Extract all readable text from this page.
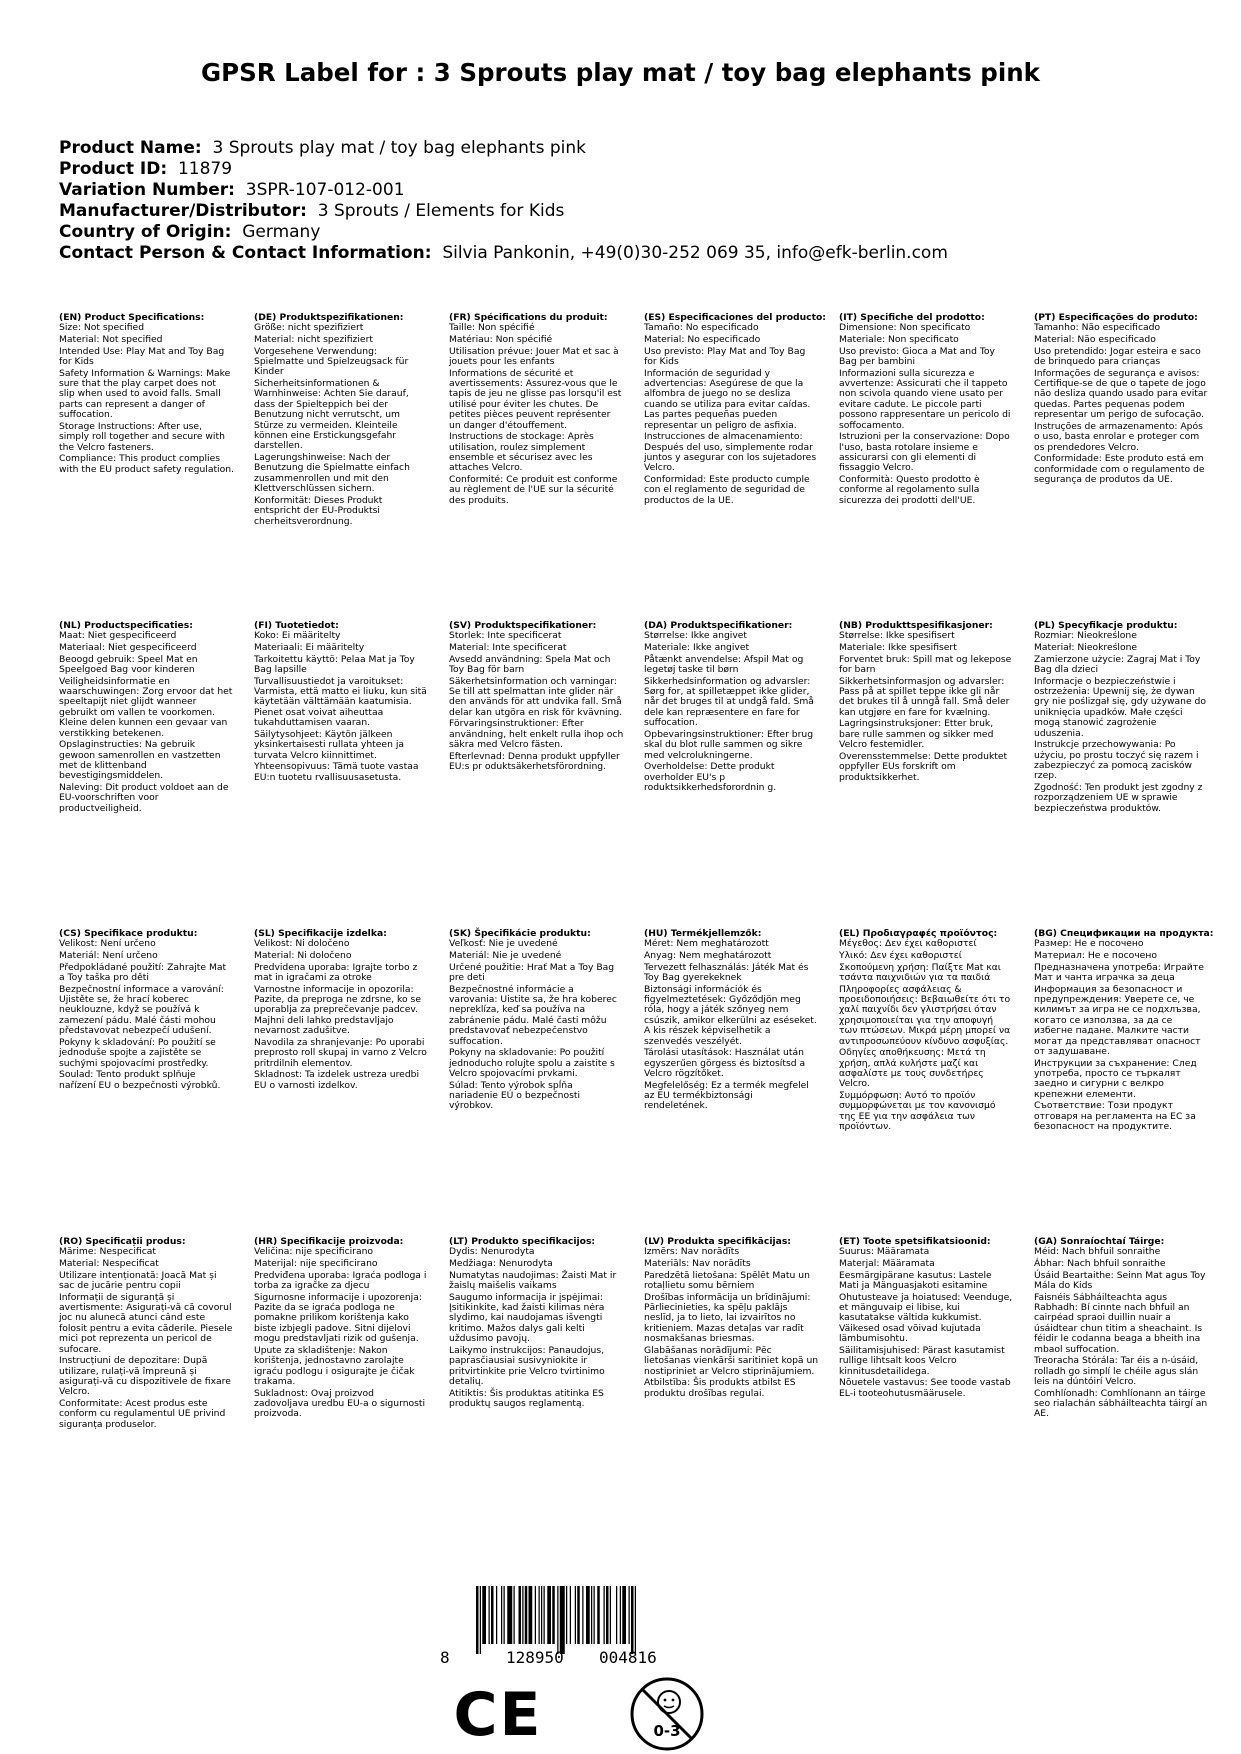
GPSR Label for : 3 Sprouts play mat / toy bag elephants pink
Product Name: 3 Sprouts play mat / toy bag elephants pink
Product ID: 11879
Variation Number: 3SPR-107-012-001
Manufacturer/Distributor: 3 Sprouts / Elements for Kids
Country of Origin: Germany
Contact Person & Contact Information: Silvia Pankonin, +49(0)30-252 069 35, info@efk-berlin.com
(EN) Product Specifications:
Size: Not specified
Material: Not specified
Intended Use: Play Mat and Toy Bag for Kids
Safety Information & Warnings: Make sure that the play carpet does not slip when used to avoid falls. Small parts can represent a danger of suffocation.
Storage Instructions: After use, simply roll together and secure with the Velcro fasteners.
Compliance: This product complies with the EU product safety regulation.
(DE) Produktspezifikationen:
Größe: nicht spezifiziert
Material: nicht spezifiziert
Vorgesehene Verwendung: Spielmatte und Spielzeugsack für Kinder
Sicherheitsinformationen & Warnhinweise: Achten Sie darauf, dass der Spielteppich bei der Benutzung nicht verrutscht, um Stürze zu vermeiden. Kleinteile können eine Erstickungsgefahr darstellen.
Lagerungshinweise: Nach der Benutzung die Spielmatte einfach zusammenrollen und mit den Klettverschlüssen sichern.
Konformität: Dieses Produkt entspricht der EU-Produktsi cherheitsverordnung.
(FR) Spécifications du produit:
Taille: Non spécifié
Matériau: Non spécifié
Utilisation prévue: Jouer Mat et sac à jouets pour les enfants
Informations de sécurité et avertissements: Assurez-vous que le tapis de jeu ne glisse pas lorsqu'il est utilisé pour éviter les chutes. De petites pièces peuvent représenter un danger d'étouffement.
Instructions de stockage: Après utilisation, roulez simplement ensemble et sécurisez avec les attaches Velcro.
Conformité: Ce produit est conforme au règlement de l'UE sur la sécurité des produits.
(ES) Especificaciones del producto:
Tamaño: No especificado
Material: No especificado
Uso previsto: Play Mat and Toy Bag for Kids
Información de seguridad y advertencias: Asegúrese de que la alfombra de juego no se desliza cuando se utiliza para evitar caídas. Las partes pequeñas pueden representar un peligro de asfixia.
Instrucciones de almacenamiento: Después del uso, simplemente rodar juntos y asegurar con los sujetadores Velcro.
Conformidad: Este producto cumple con el reglamento de seguridad de productos de la UE.
(IT) Specifiche del prodotto:
Dimensione: Non specificato
Materiale: Non specificato
Uso previsto: Gioca a Mat and Toy Bag per bambini
Informazioni sulla sicurezza e avvertenze: Assicurati che il tappeto non scivola quando viene usato per evitare cadute. Le piccole parti possono rappresentare un pericolo di soffocamento.
Istruzioni per la conservazione: Dopo l'uso, basta rotolare insieme e assicurarsi con gli elementi di fissaggio Velcro.
Conformità: Questo prodotto è conforme al regolamento sulla sicurezza dei prodotti dell'UE.
(PT) Especificações do produto:
Tamanho: Não especificado
Material: Não especificado
Uso pretendido: Jogar esteira e saco de brinquedo para crianças
Informações de segurança e avisos: Certifique-se de que o tapete de jogo não desliza quando usado para evitar quedas. Partes pequenas podem representar um perigo de sufocação.
Instruções de armazenamento: Após o uso, basta enrolar e proteger com os prendedores Velcro.
Conformidade: Este produto está em conformidade com o regulamento de segurança de produtos da UE.
(NL) Productspecificaties:
Maat: Niet gespecificeerd
Materiaal: Niet gespecificeerd
Beoogd gebruik: Speel Mat en Speelgoed Bag voor kinderen
Veiligheidsinformatie en waarschuwingen: Zorg ervoor dat het speeltapijt niet glijdt wanneer gebruikt om vallen te voorkomen. Kleine delen kunnen een gevaar van verstikking betekenen.
Opslaginstructies: Na gebruik gewoon samenrollen en vastzetten met de klittenband bevestigingsmiddelen.
Naleving: Dit product voldoet aan de EU-voorschriften voor productveiligheid.
(FI) Tuotetiedot:
Koko: Ei määritelty
Materiaali: Ei määritelty
Tarkoitettu käyttö: Pelaa Mat ja Toy Bag lapsille
Turvallisuustiedot ja varoitukset: Varmista, että matto ei liuku, kun sitä käytetään välttämään kaatumisia. Pienet osat voivat aiheuttaa tukahduttamisen vaaran.
Säilytysohjeet: Käytön jälkeen yksinkertaisesti rullata yhteen ja turvata Velcro kiinnittimet.
Yhteensopivuus: Tämä tuote vastaa EU:n tuotetu rvallisuusasetusta.
(SV) Produktspecifikationer:
Storlek: Inte specificerat
Material: Inte specificerat
Avsedd användning: Spela Mat och Toy Bag för barn
Säkerhetsinformation och varningar: Se till att spelmattan inte glider när den används för att undvika fall. Små delar kan utgöra en risk för kvävning.
Förvaringsinstruktioner: Efter användning, helt enkelt rulla ihop och säkra med Velcro fästen.
Efterlevnad: Denna produkt uppfyller EU:s pr oduktsäkerhetsförordning.
(DA) Produktspecifikationer:
Størrelse: Ikke angivet
Materiale: Ikke angivet
Påtænkt anvendelse: Afspil Mat og legetøj taske til børn
Sikkerhedsinformation og advarsler: Sørg for, at spilletæppet ikke glider, når det bruges til at undgå fald. Små dele kan repræsentere en fare for suffocation.
Opbevaringsinstruktioner: Efter brug skal du blot rulle sammen og sikre med velcrolukningerne.
Overholdelse: Dette produkt overholder EU's p roduktsikkerhedsforordnin g.
(NB) Produkttspesifikasjoner:
Størrelse: Ikke spesifisert
Materiale: Ikke spesifisert
Forventet bruk: Spill mat og lekepose for barn
Sikkerhetsinformasjon og advarsler: Pass på at spillet teppe ikke gli når det brukes til å unngå fall. Små deler kan utgjøre en fare for kvælning.
Lagringsinstruksjoner: Etter bruk, bare rulle sammen og sikker med Velcro festemidler.
Overensstemmelse: Dette produktet oppfyller EUs forskrift om produktsikkerhet.
(PL) Specyfikacje produktu:
Rozmiar: Nieokreślone
Materiał: Nieokreślone
Zamierzone użycie: Zagraj Mat i Toy Bag dla dzieci
Informacje o bezpieczeństwie i ostrzeżenia: Upewnij się, że dywan gry nie poślizgał się, gdy używane do uniknięcia upadków. Małe części mogą stanowić zagrożenie uduszenia.
Instrukcje przechowywania: Po użyciu, po prostu toczyć się razem i zabezpieczyć za pomocą zacisków rzep.
Zgodność: Ten produkt jest zgodny z rozporządzeniem UE w sprawie bezpieczeństwa produktów.
(CS) Specifikace produktu:
Velikost: Není určeno
Materiál: Není určeno
Předpokládané použití: Zahrajte Mat a Toy taška pro děti
Bezpečnostní informace a varování: Ujistěte se, že hrací koberec neuklouzne, když se používá k zamezení pádu. Malé části mohou představovat nebezpečí udušení.
Pokyny k skladování: Po použití se jednoduše spojte a zajistěte se suchými spojovacími prostředky.
Soulad: Tento produkt splňuje nařízení EU o bezpečnosti výrobků.
(SL) Specifikacije izdelka:
Velikost: Ni določeno
Material: Ni določeno
Predvidena uporaba: Igrajte torbo z mat in igračami za otroke
Varnostne informacije in opozorila: Pazite, da preproga ne zdrsne, ko se uporablja za preprečevanje padcev. Majhni deli lahko predstavljajo nevarnost zadušitve.
Navodila za shranjevanje: Po uporabi preprosto roll skupaj in varno z Velcro pritrdilnih elementov.
Skladnost: Ta izdelek ustreza uredbi EU o varnosti izdelkov.
(SK) Špecifikácie produktu:
Veľkosť: Nie je uvedené
Materiál: Nie je uvedené
Určené použitie: Hrať Mat a Toy Bag pre deti
Bezpečnostné informácie a varovania: Uistite sa, že hra koberec nepreklíza, keď sa používa na zabránenie pádu. Malé časti môžu predstavovať nebezpečenstvo suffocation.
Pokyny na skladovanie: Po použití jednoducho rolujte spolu a zaistite s Velcro spojovacími prvkami.
Súlad: Tento výrobok spĺňa nariadenie EÚ o bezpečnosti výrobkov.
(HU) Termékjellemzők:
Méret: Nem meghatározott
Anyag: Nem meghatározott
Tervezett felhasználás: Játék Mat és Toy Bag gyerekeknek
Biztonsági információk és figyelmeztetések: Győződjön meg róla, hogy a játék szőnyeg nem csúszik, amikor elkerülni az eséseket. A kis részek képviselhetik a szenvedés veszélyét.
Tárolási utasítások: Használat után egyszerűen görgess és biztosítsd a Velcro rögzítőket.
Megfelelőség: Ez a termék megfelel az EU termékbiztonsági rendeletének.
(EL) Προδιαγραφές προϊόντος:
Μέγεθος: Δεν έχει καθοριστεί
Υλικό: Δεν έχει καθοριστεί
Σκοπούμενη χρήση: Παίξτε Mat και τσάντα παιχνιδιών για τα παιδιά
Πληροφορίες ασφάλειας & προειδοποιήσεις: Βεβαιωθείτε ότι το χαλί παιχνίδι δεν γλιστρήσει όταν χρησιμοποιείται για την αποφυγή των πτώσεων. Μικρά μέρη μπορεί να αντιπροσωπεύουν κίνδυνο ασφυξίας.
Οδηγίες αποθήκευσης: Μετά τη χρήση, απλά κυλήστε μαζί και ασφαλίστε με τους συνδετήρες Velcro.
Συμμόρφωση: Αυτό το προϊόν συμμορφώνεται με τον κανονισμό της ΕΕ για την ασφάλεια των προϊόντων.
(BG) Спецификации на продукта:
Размер: Не е посочено
Материал: Не е посочено
Предназначена употреба: Играйте Мат и чанта играчка за деца
Информация за безопасност и предупреждения: Уверете се, че килимът за игра не се подхлъзва, когато се използва, за да се избегне падане. Малките части могат да представляват опасност от задушаване.
Инструкции за съхранение: След употреба, просто се търкалят заедно и сигурни с велкро крепежни елементи.
Съответствие: Този продукт отговаря на регламента на ЕС за безопасност на продуктите.
(RO) Specificații produs:
Mărime: Nespecificat
Material: Nespecificat
Utilizare intenționată: Joacă Mat și sac de jucărie pentru copii
Informații de siguranță și avertismente: Asigurați-vă că covorul joc nu alunecă atunci când este folosit pentru a evita căderile. Piesele mici pot reprezenta un pericol de sufocare.
Instrucțiuni de depozitare: După utilizare, rulați-vă împreună și asigurați-vă cu dispozitivele de fixare Velcro.
Conformitate: Acest produs este conform cu regulamentul UE privind siguranța produselor.
(HR) Specifikacije proizvoda:
Veličina: nije specificirano
Materijal: nije specificirano
Predviđena uporaba: Igraća podloga i torba za igračke za djecu
Sigurnosne informacije i upozorenja: Pazite da se igraća podloga ne pomakne prilikom korištenja kako biste izbjegli padove. Sitni dijelovi mogu predstavljati rizik od gušenja.
Upute za skladištenje: Nakon korištenja, jednostavno zarolajte igraću podlogu i osigurajte je čičak trakama.
Sukladnost: Ovaj proizvod zadovoljava uredbu EU-a o sigurnosti proizvoda.
(LT) Produkto specifikacijos:
Dydis: Nenurodyta
Medžiaga: Nenurodyta
Numatytas naudojimas: Žaisti Mat ir žaislų maišelis vaikams
Saugumo informacija ir įspėjimai: Įsitikinkite, kad žaisti kilimas nėra slydimo, kai naudojamas išvengti kritimo. Mažos dalys gali kelti uždusimo pavojų.
Laikymo instrukcijos: Panaudojus, paprasčiausiai susivyniokite ir pritvirtinkite prie Velcro tvirtinimo detalių.
Atitiktis: Šis produktas atitinka ES produktų saugos reglamentą.
(LV) Produkta specifikācijas:
Izmērs: Nav norādīts
Materiāls: Nav norādīts
Paredzētā lietošana: Spēlēt Matu un rotaļlietu somu bērniem
Drošības informācija un brīdinājumi: Pārliecinieties, ka spēļu paklājs neslīd, ja to lieto, lai izvairītos no kritieniem. Mazas detaļas var radīt nosmakšanas briesmas.
Glabāšanas norādījumi: Pēc lietošanas vienkārši saritiniet kopā un nostipriniet ar Velcro stiprinājumiem.
Atbilstība: Šis produkts atbilst ES produktu drošības regulai.
(ET) Toote spetsifikatsioonid:
Suurus: Määramata
Materjal: Määramata
Eesmärgipärane kasutus: Lastele Mati ja Mänguasjakoti esitamine
Ohutusteave ja hoiatused: Veenduge, et mänguvaip ei libise, kui kasutatakse vältida kukkumist. Väikesed osad võivad kujutada lämbumisohtu.
Säilitamisjuhised: Pärast kasutamist rullige lihtsalt koos Velcro kinnitusdetailidega.
Nõuetele vastavus: See toode vastab EL-i tooteohutusmäärusele.
(GA) Sonraíochtaí Táirge:
Méid: Nach bhfuil sonraithe
Ábhar: Nach bhfuil sonraithe
Úsáid Beartaithe: Seinn Mat agus Toy Mála do Kids
Faisnéis Sábháilteachta agus Rabhadh: Bí cinnte nach bhfuil an cairpéad spraoi duillin nuair a úsáidtear chun titim a sheachaint. Is féidir le codanna beaga a bheith ina mbaol suffocation.
Treoracha Stórála: Tar éis a n-úsáid, rolladh go simplí le chéile agus slán leis na dúntóirí Velcro.
Comhlíonadh: Comhlíonann an táirge seo rialachán sábháilteachta táirgí an AE.
8	128950 004816
CE	0-3
